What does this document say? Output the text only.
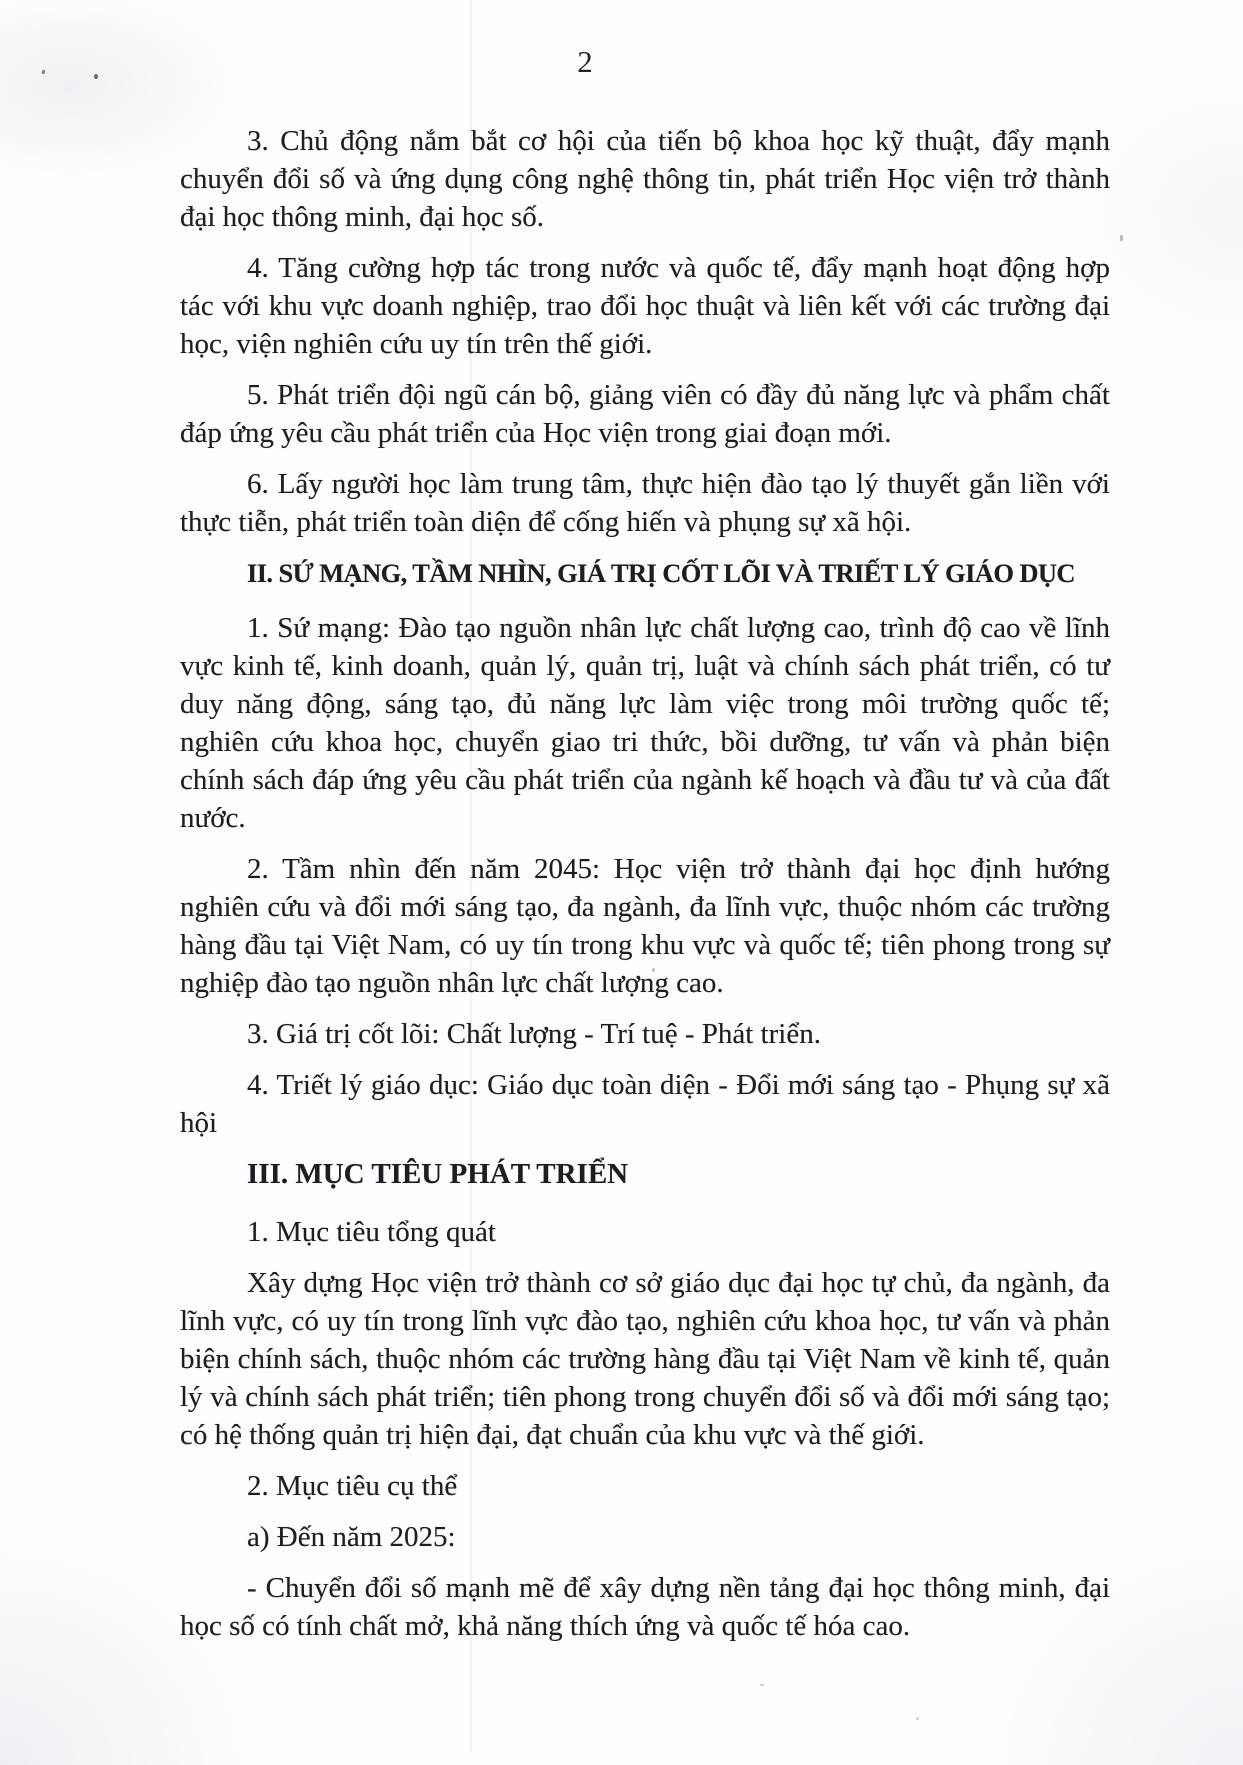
2

3. Chủ động nắm bắt cơ hội của tiến bộ khoa học kỹ thuật, đẩy mạnh chuyển đổi số và ứng dụng công nghệ thông tin, phát triển Học viện trở thành đại học thông minh, đại học số.

4. Tăng cường hợp tác trong nước và quốc tế, đẩy mạnh hoạt động hợp tác với khu vực doanh nghiệp, trao đổi học thuật và liên kết với các trường đại học, viện nghiên cứu uy tín trên thế giới.

5. Phát triển đội ngũ cán bộ, giảng viên có đầy đủ năng lực và phẩm chất đáp ứng yêu cầu phát triển của Học viện trong giai đoạn mới.

6. Lấy người học làm trung tâm, thực hiện đào tạo lý thuyết gắn liền với thực tiễn, phát triển toàn diện để cống hiến và phụng sự xã hội.

II. SỨ MẠNG, TẦM NHÌN, GIÁ TRỊ CỐT LÕI VÀ TRIẾT LÝ GIÁO DỤC

1. Sứ mạng: Đào tạo nguồn nhân lực chất lượng cao, trình độ cao về lĩnh vực kinh tế, kinh doanh, quản lý, quản trị, luật và chính sách phát triển, có tư duy năng động, sáng tạo, đủ năng lực làm việc trong môi trường quốc tế; nghiên cứu khoa học, chuyển giao tri thức, bồi dưỡng, tư vấn và phản biện chính sách đáp ứng yêu cầu phát triển của ngành kế hoạch và đầu tư và của đất nước.

2. Tầm nhìn đến năm 2045: Học viện trở thành đại học định hướng nghiên cứu và đổi mới sáng tạo, đa ngành, đa lĩnh vực, thuộc nhóm các trường hàng đầu tại Việt Nam, có uy tín trong khu vực và quốc tế; tiên phong trong sự nghiệp đào tạo nguồn nhân lực chất lượng cao.

3. Giá trị cốt lõi: Chất lượng - Trí tuệ - Phát triển.

4. Triết lý giáo dục: Giáo dục toàn diện - Đổi mới sáng tạo - Phụng sự xã hội

III. MỤC TIÊU PHÁT TRIỂN

1. Mục tiêu tổng quát

Xây dựng Học viện trở thành cơ sở giáo dục đại học tự chủ, đa ngành, đa lĩnh vực, có uy tín trong lĩnh vực đào tạo, nghiên cứu khoa học, tư vấn và phản biện chính sách, thuộc nhóm các trường hàng đầu tại Việt Nam về kinh tế, quản lý và chính sách phát triển; tiên phong trong chuyển đổi số và đổi mới sáng tạo; có hệ thống quản trị hiện đại, đạt chuẩn của khu vực và thế giới.

2. Mục tiêu cụ thể

a) Đến năm 2025:

- Chuyển đổi số mạnh mẽ để xây dựng nền tảng đại học thông minh, đại học số có tính chất mở, khả năng thích ứng và quốc tế hóa cao.
